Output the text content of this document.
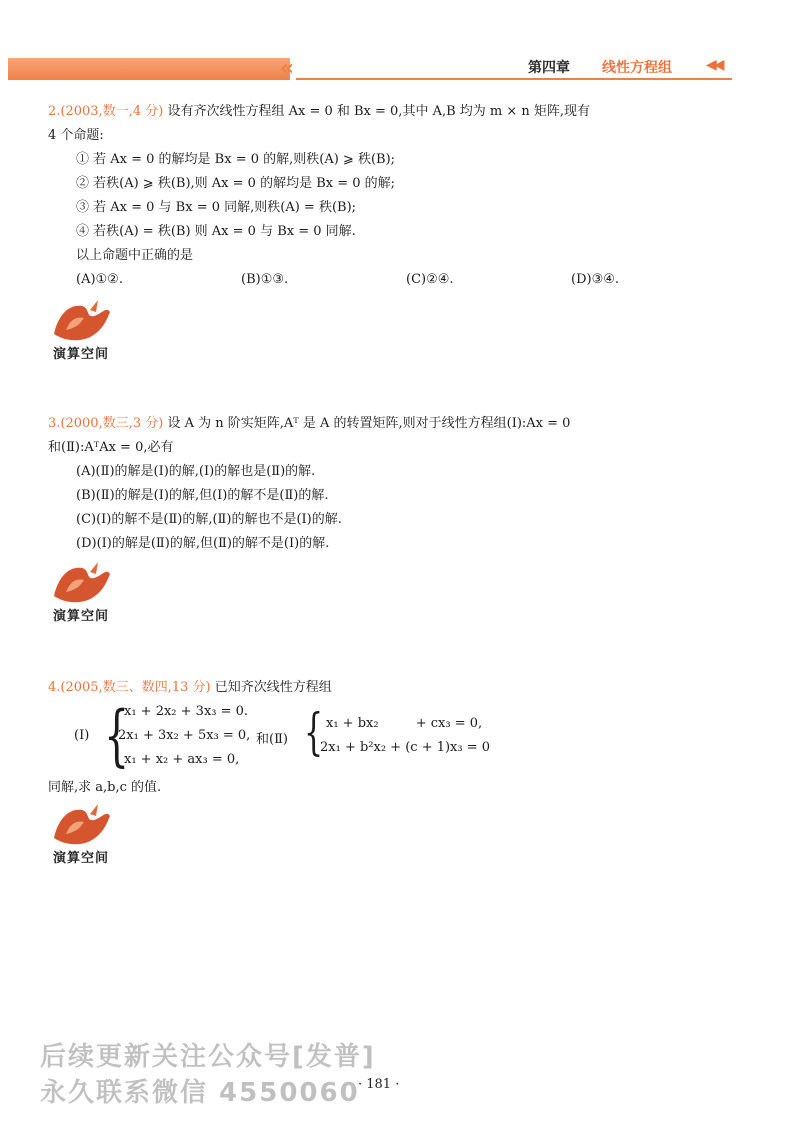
«	第四章 线性方程组 ◀◀

2.(2003,数一,4 分) 设有齐次线性方程组 Ax = 0 和 Bx = 0,其中 A,B 均为 m × n 矩阵,现有

4 个命题:

① 若 Ax = 0 的解均是 Bx = 0 的解,则秩(A) ⩾ 秩(B);

② 若秩(A) ⩾ 秩(B),则 Ax = 0 的解均是 Bx = 0 的解;

③ 若 Ax = 0 与 Bx = 0 同解,则秩(A) = 秩(B);

④ 若秩(A) = 秩(B) 则 Ax = 0 与 Bx = 0 同解.

以上命题中正确的是

(A)①②.	(B)①③.	(C)②④.	(D)③④.

演算空间

3.(2000,数三,3 分) 设 A 为 n 阶实矩阵,Aᵀ 是 A 的转置矩阵,则对于线性方程组(Ⅰ):Ax = 0

和(Ⅱ):AᵀAx = 0,必有

(A)(Ⅱ)的解是(Ⅰ)的解,(Ⅰ)的解也是(Ⅱ)的解.

(B)(Ⅱ)的解是(Ⅰ)的解,但(Ⅰ)的解不是(Ⅱ)的解.

(C)(Ⅰ)的解不是(Ⅱ)的解,(Ⅱ)的解也不是(Ⅰ)的解.

(D)(Ⅰ)的解是(Ⅱ)的解,但(Ⅱ)的解不是(Ⅰ)的解.

演算空间

4.(2005,数三、数四,13 分) 已知齐次线性方程组

(Ⅰ) {
x₁ + 2x₂ + 3x₃ = 0.
2x₁ + 3x₂ + 5x₃ = 0,
x₁ + x₂ + ax₃ = 0,
和(Ⅱ) { x₁ + bx₂         + cx₃ = 0,
2x₁ + b²x₂ + (c + 1)x₃ = 0

同解,求 a,b,c 的值.

演算空间
后续更新关注公众号[发普]
永久联系微信 4550060
· 181 ·
